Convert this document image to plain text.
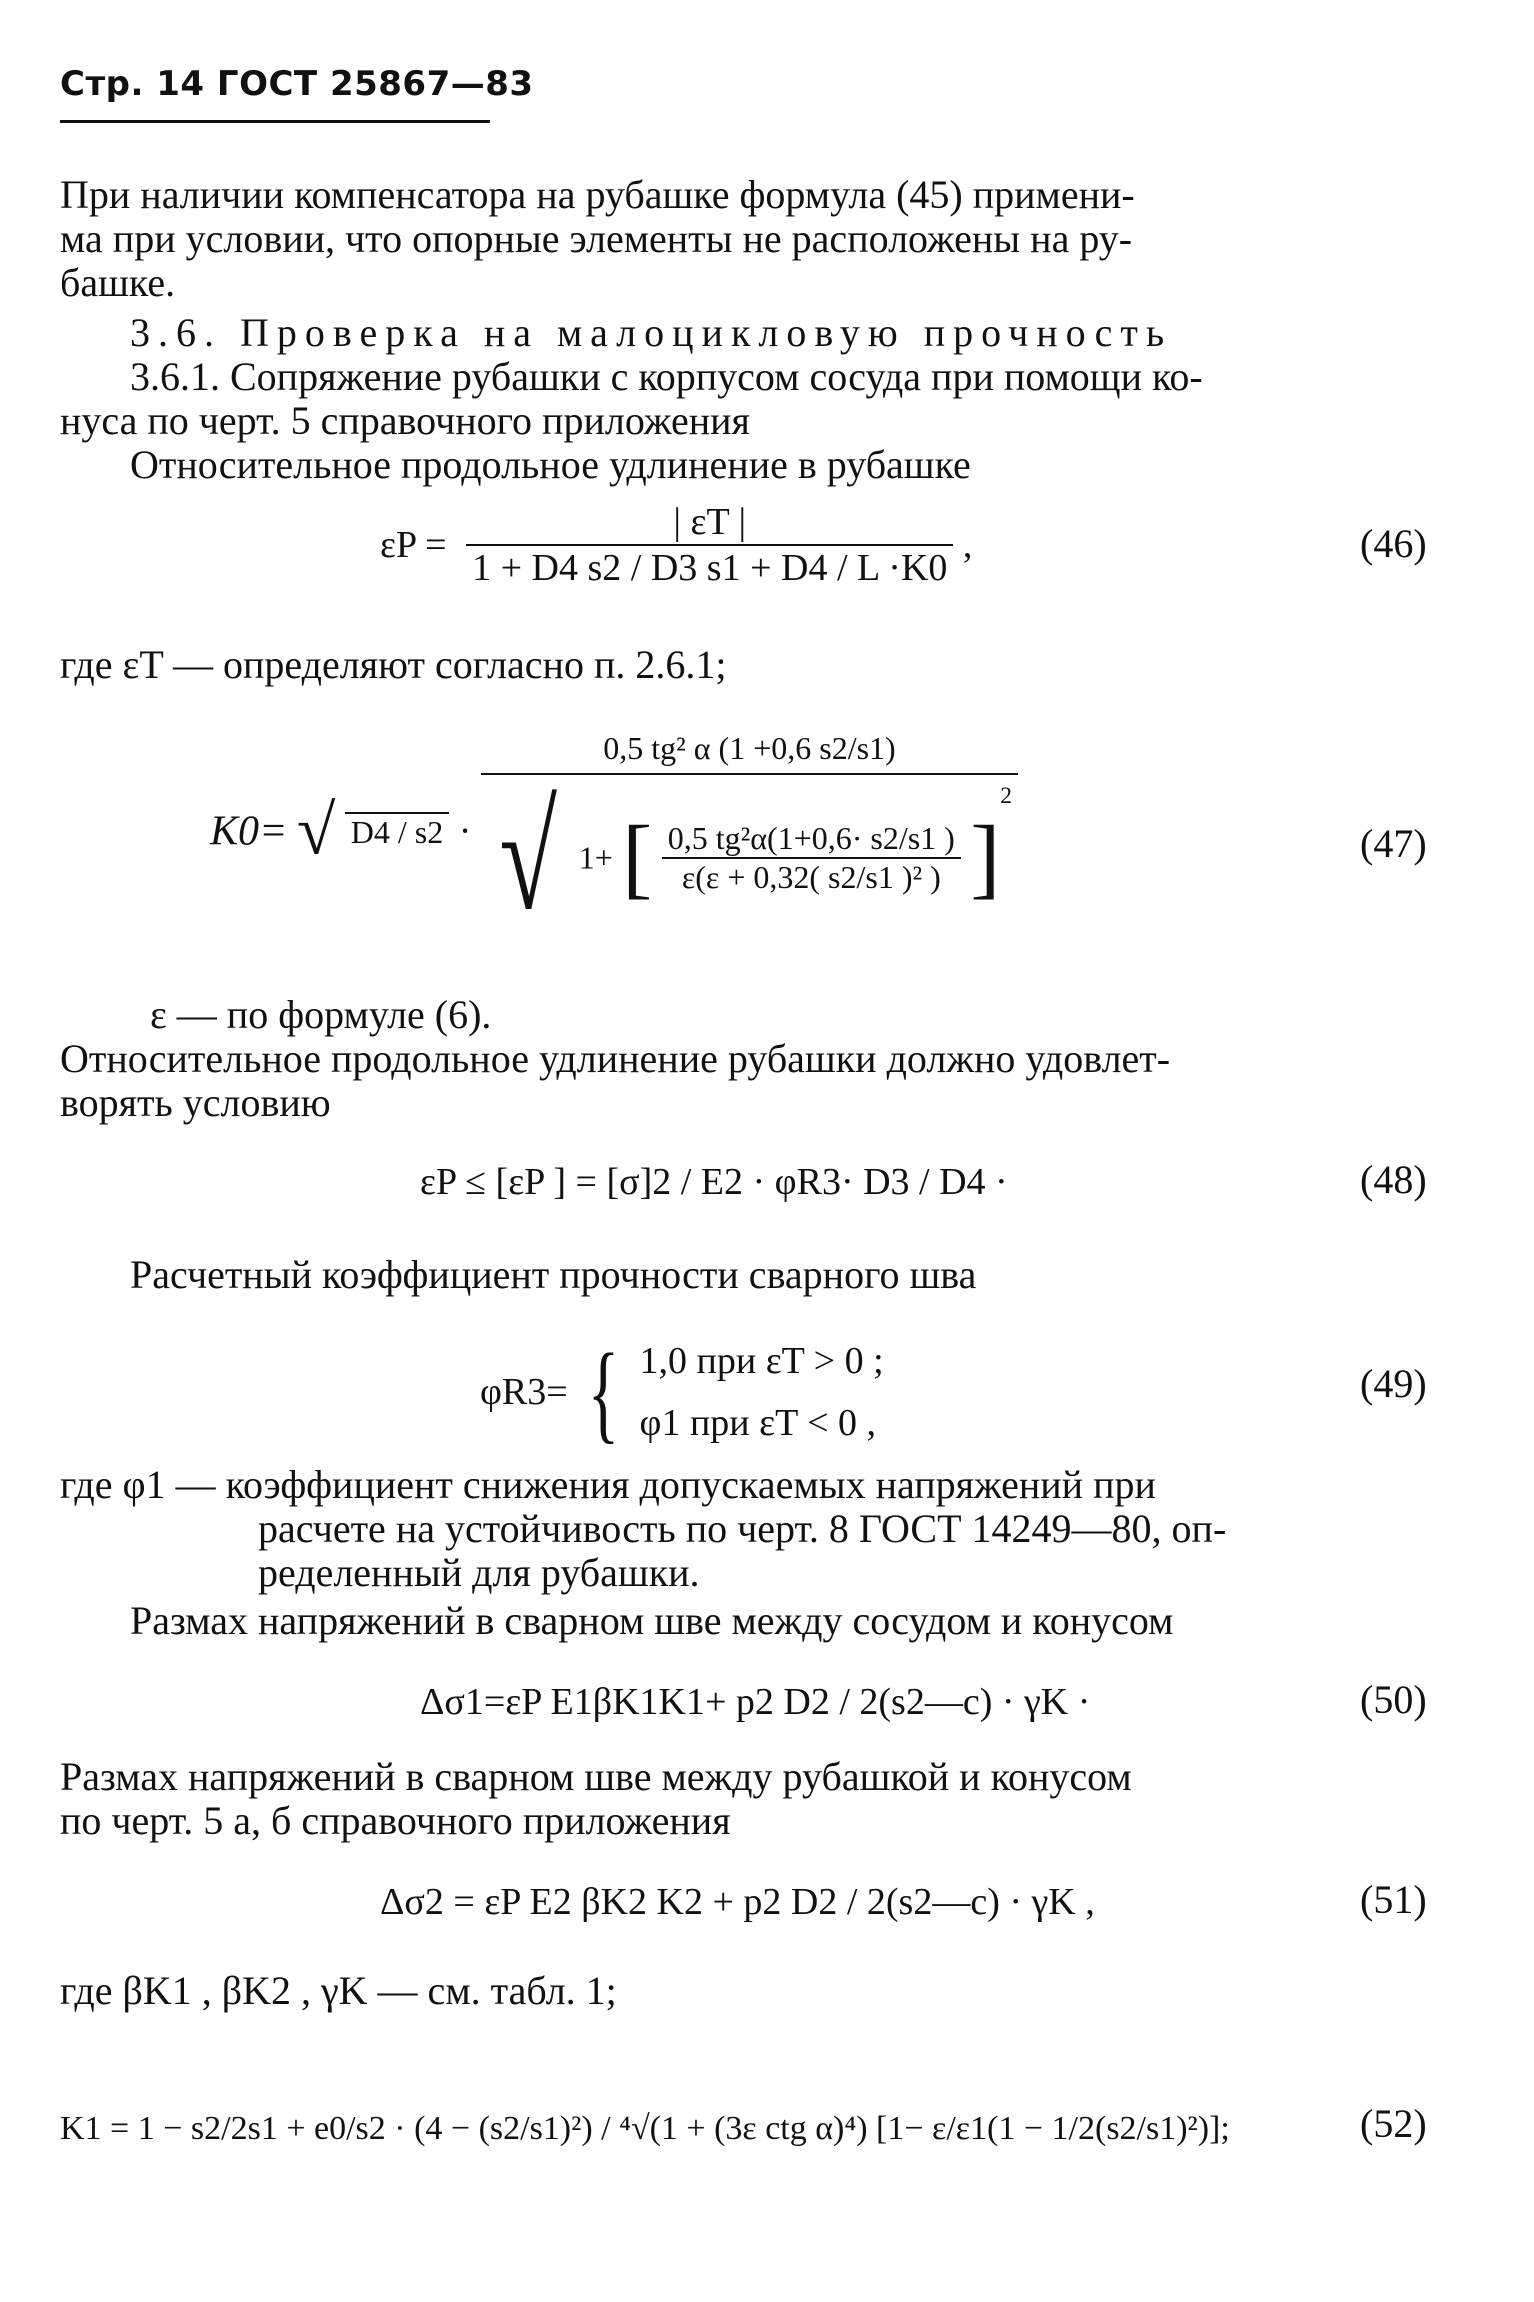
Стр. 14 ГОСТ 25867—83
При наличии компенсатора на рубашке формула (45) примени-
ма при условии, что опорные элементы не расположены на ру-
башке.
3.6. Проверка на малоцикловую прочность
3.6.1. Сопряжение рубашки с корпусом сосуда при помощи ко-
нуса по черт. 5 справочного приложения
Относительное продольное удлинение в рубашке
$\varepsilon P = \frac{| \varepsilon T |}{1 + D4 s2 / D3 s1 + D4 / L \cdot K0}$ ,	(46)
где εT — определяют согласно п. 2.6.1;
K0= √ D4 / s2 ·
0,5 tg² α (1 +0,6 s2/s1)
√ 1+ [ $\frac{\text{0,5 tg²α(1+0,6· s2/s1 )}}{\text{ε(ε + 0,32( s2/s1 )² )}} ]^2$
(47)
ε — по формуле (6).
Относительное продольное удлинение рубашки должно удовлет-
ворять условию
εP ≤ [εP ] = [σ]2 / E2 · φR3· D3 / D4 ·	(48)
Расчетный коэффициент прочности сварного шва
φR3= { 1,0 при εT > 0 ;
φ1 при εT < 0 ,
(49)
где φ1 — коэффициент снижения допускаемых напряжений при
расчете на устойчивость по черт. 8 ГОСТ 14249—80, оп-
ределенный для рубашки.
Размах напряжений в сварном шве между сосудом и конусом
Δσ1=εP E1βK1K1+ p2 D2 / 2(s2—c) · γK ·	(50)
Размах напряжений в сварном шве между рубашкой и конусом
по черт. 5 а, б справочного приложения
Δσ2 = εP E2 βK2 K2 + p2 D2 / 2(s2—c) · γK ,	(51)
где βK1 , βK2 , γK — см. табл. 1;
K1 = 1 − s2/2s1 + e0/s2 · (4 − (s2/s1)²) / ⁴√(1 + (3ε ctg α)⁴) [1− ε/ε1(1 − 1/2(s2/s1)²)];	(52)
